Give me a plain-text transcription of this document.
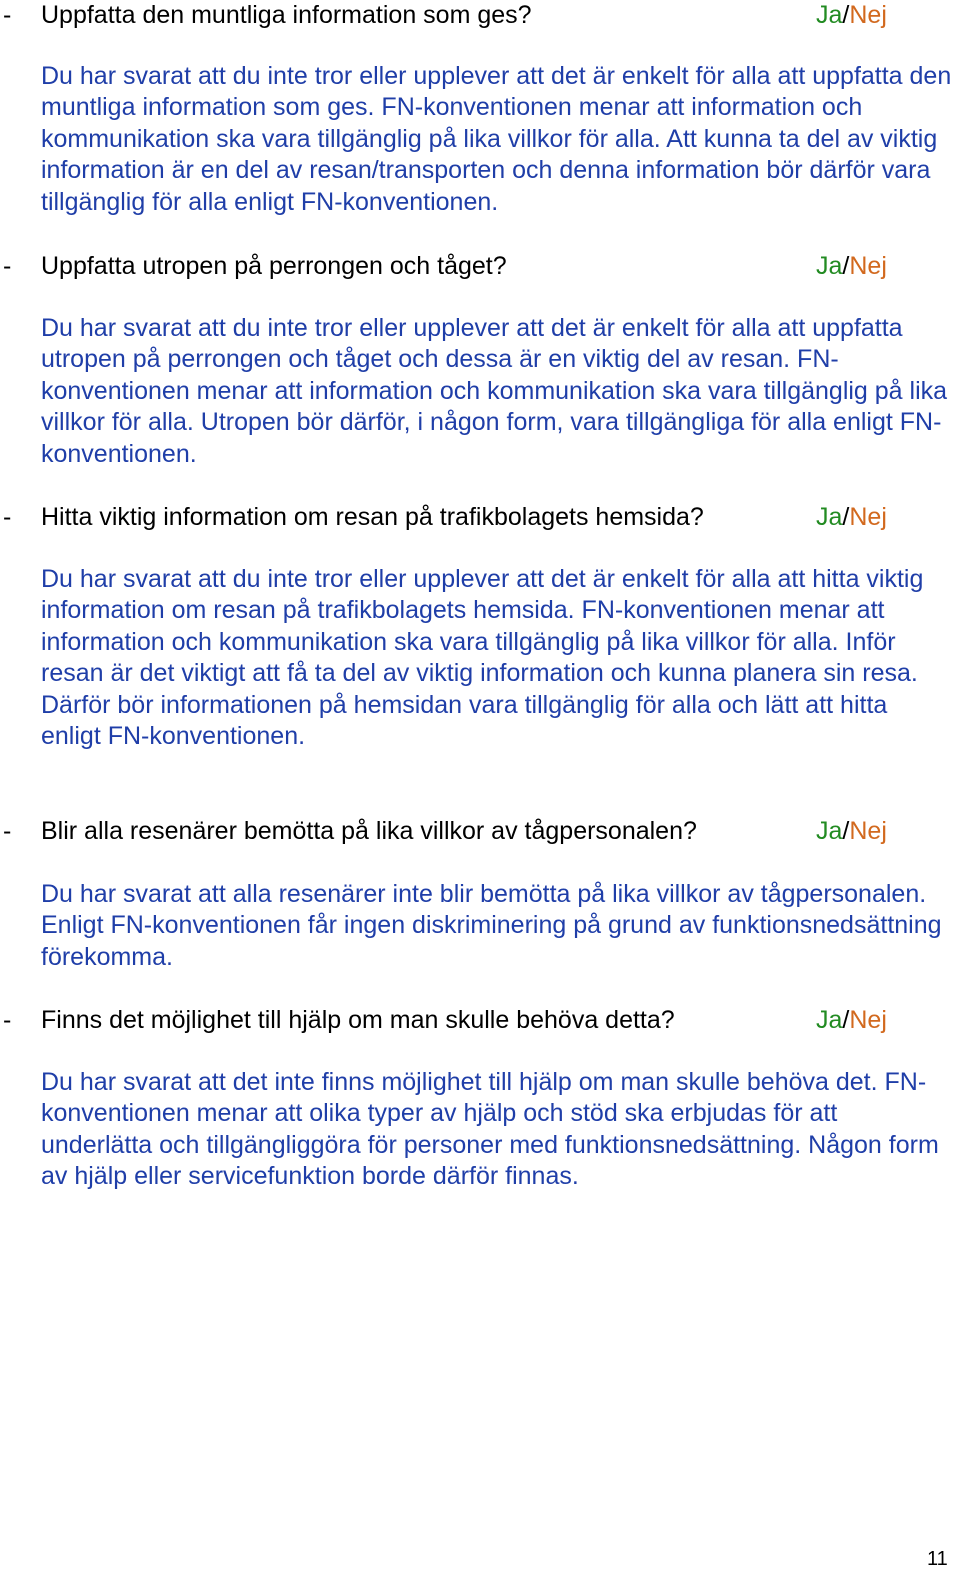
- Uppfatta den muntliga information som ges?	Ja/Nej

Du har svarat att du inte tror eller upplever att det är enkelt för alla att uppfatta den muntliga information som ges. FN-konventionen menar att information och kommunikation ska vara tillgänglig på lika villkor för alla. Att kunna ta del av viktig information är en del av resan/transporten och denna information bör därför vara tillgänglig för alla enligt FN-konventionen.

- Uppfatta utropen på perrongen och tåget?	Ja/Nej

Du har svarat att du inte tror eller upplever att det är enkelt för alla att uppfatta utropen på perrongen och tåget och dessa är en viktig del av resan. FN-konventionen menar att information och kommunikation ska vara tillgänglig på lika villkor för alla. Utropen bör därför, i någon form, vara tillgängliga för alla enligt FN-konventionen.

- Hitta viktig information om resan på trafikbolagets hemsida?	Ja/Nej

Du har svarat att du inte tror eller upplever att det är enkelt för alla att hitta viktig information om resan på trafikbolagets hemsida. FN-konventionen menar att information och kommunikation ska vara tillgänglig på lika villkor för alla. Inför resan är det viktigt att få ta del av viktig information och kunna planera sin resa. Därför bör informationen på hemsidan vara tillgänglig för alla och lätt att hitta enligt FN-konventionen.

- Blir alla resenärer bemötta på lika villkor av tågpersonalen?	Ja/Nej

Du har svarat att alla resenärer inte blir bemötta på lika villkor av tågpersonalen. Enligt FN-konventionen får ingen diskriminering på grund av funktionsnedsättning förekomma.

- Finns det möjlighet till hjälp om man skulle behöva detta?	Ja/Nej

Du har svarat att det inte finns möjlighet till hjälp om man skulle behöva det. FN-konventionen menar att olika typer av hjälp och stöd ska erbjudas för att underlätta och tillgängliggöra för personer med funktionsnedsättning. Någon form av hjälp eller servicefunktion borde därför finnas.

11
